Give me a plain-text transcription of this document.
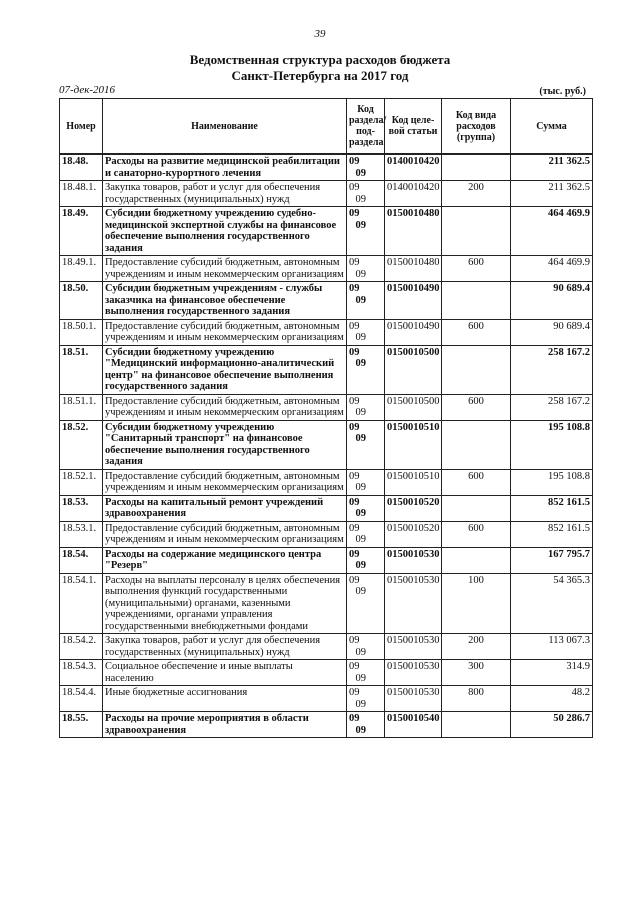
39
Ведомственная структура расходов бюджета
Санкт-Петербурга на 2017 год
07-дек-2016	(тыс. руб.)
Номер	Наименование	Код раздела/ под- раздела	Код целе- вой статьи	Код вида расходов (группа)	Сумма
18.48.	Расходы на развитие медицинской реабилитации и санаторно-курортного лечения	0909	0140010420		211 362.5
18.48.1.	Закупка товаров, работ и услуг для обеспечения государственных (муниципальных) нужд	0909	0140010420	200	211 362.5
18.49.	Субсидии бюджетному учреждению судебно-медицинской экспертной службы на финансовое обеспечение выполнения государственного задания	0909	0150010480		464 469.9
18.49.1.	Предоставление субсидий бюджетным, автономным учреждениям и иным некоммерческим организациям	0909	0150010480	600	464 469.9
18.50.	Субсидии бюджетным учреждениям - службы заказчика на финансовое обеспечение выполнения государственного задания	0909	0150010490		90 689.4
18.50.1.	Предоставление субсидий бюджетным, автономным учреждениям и иным некоммерческим организациям	0909	0150010490	600	90 689.4
18.51.	Субсидии бюджетному учреждению "Медицинский информационно-аналитический центр" на финансовое обеспечение выполнения государственного задания	0909	0150010500		258 167.2
18.51.1.	Предоставление субсидий бюджетным, автономным учреждениям и иным некоммерческим организациям	0909	0150010500	600	258 167.2
18.52.	Субсидии бюджетному учреждению "Санитарный транспорт" на финансовое обеспечение выполнения государственного задания	0909	0150010510		195 108.8
18.52.1.	Предоставление субсидий бюджетным, автономным учреждениям и иным некоммерческим организациям	0909	0150010510	600	195 108.8
18.53.	Расходы на капитальный ремонт учреждений здравоохранения	0909	0150010520		852 161.5
18.53.1.	Предоставление субсидий бюджетным, автономным учреждениям и иным некоммерческим организациям	0909	0150010520	600	852 161.5
18.54.	Расходы на содержание медицинского центра "Резерв"	0909	0150010530		167 795.7
18.54.1.	Расходы на выплаты персоналу в целях обеспечения выполнения функций государственными (муниципальными) органами, казенными учреждениями, органами управления государственными внебюджетными фондами	0909	0150010530	100	54 365.3
18.54.2.	Закупка товаров, работ и услуг для обеспечения государственных (муниципальных) нужд	0909	0150010530	200	113 067.3
18.54.3.	Социальное обеспечение и иные выплаты населению	0909	0150010530	300	314.9
18.54.4.	Иные бюджетные ассигнования	0909	0150010530	800	48.2
18.55.	Расходы на прочие мероприятия в области здравоохранения	0909	0150010540		50 286.7
